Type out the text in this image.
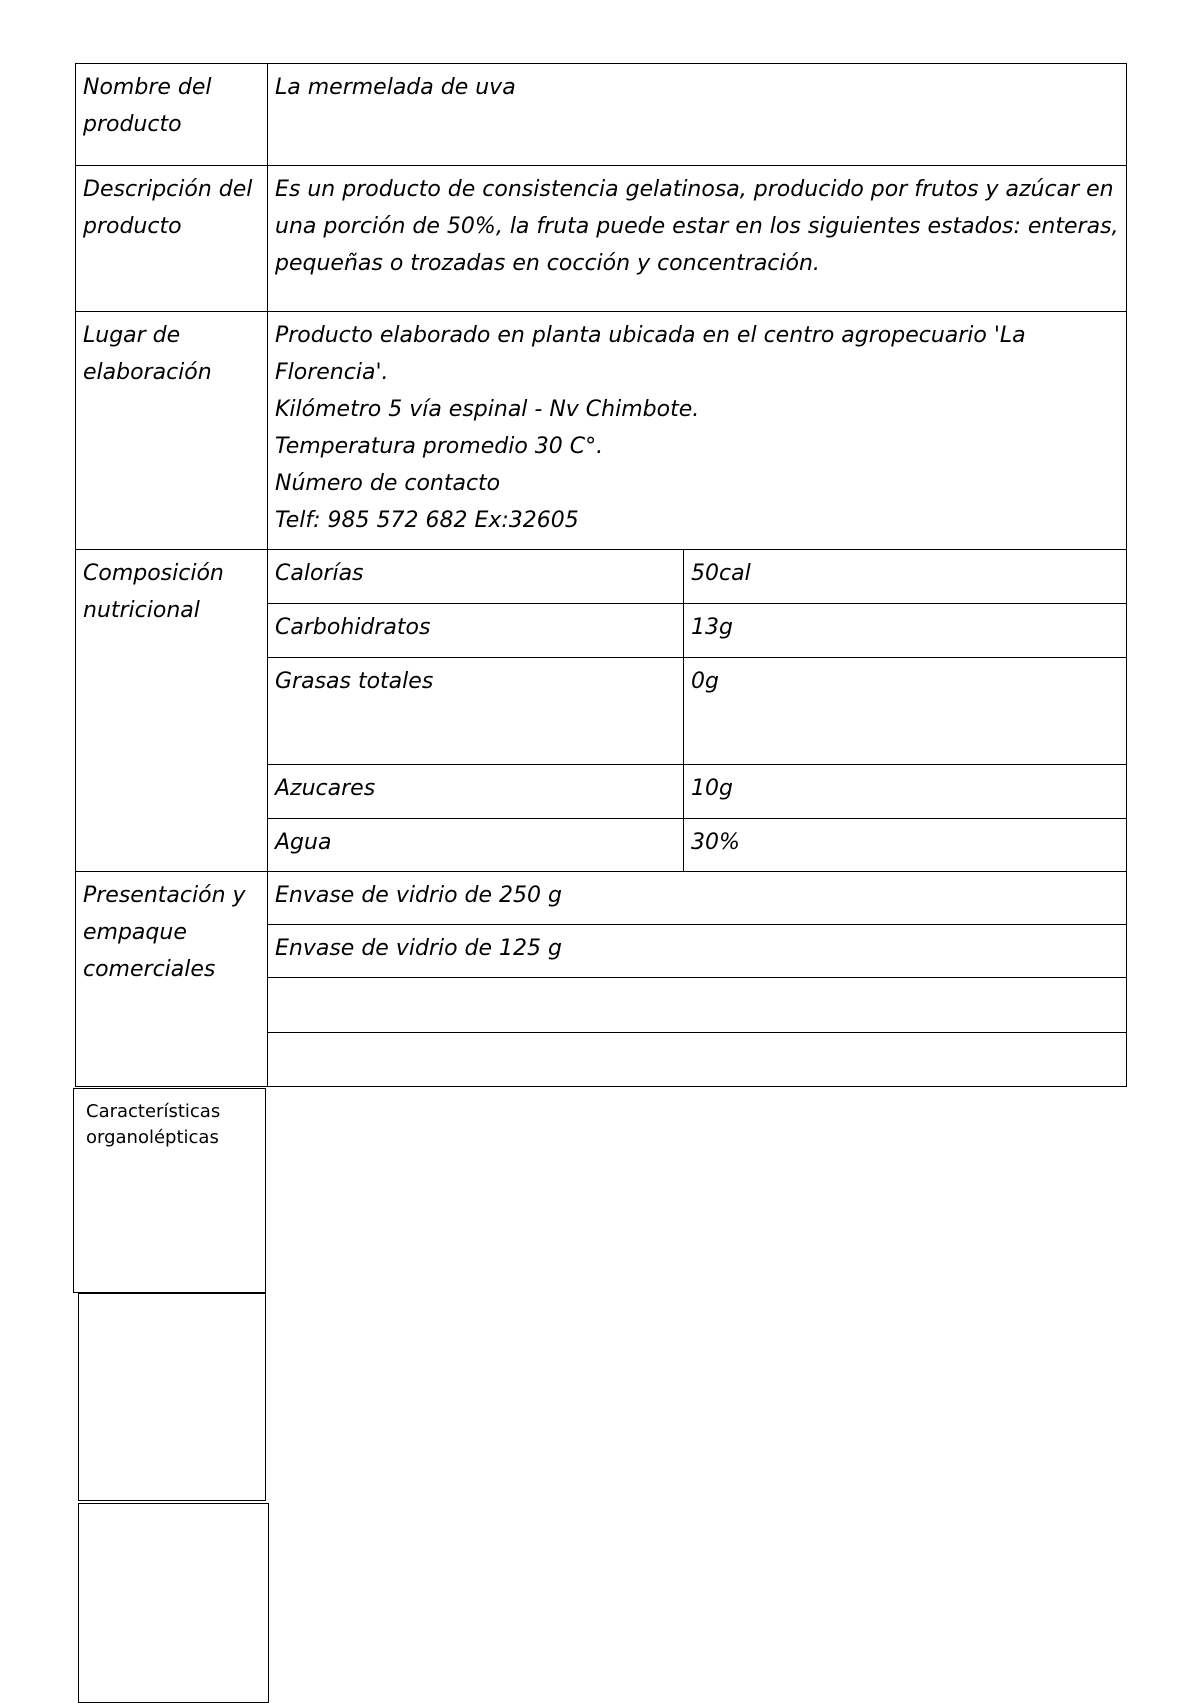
Nombre del producto	La mermelada de uva	
Descripción del producto	Es un producto de consistencia gelatinosa, producido por frutos y azúcar en una porción de 50%, la fruta puede estar en los siguientes estados: enteras, pequeñas o trozadas en cocción y concentración.	
Lugar de elaboración	Producto elaborado en planta ubicada en el centro agropecuario 'La Florencia'.
Kilómetro 5 vía espinal - Nv Chimbote.
Temperatura promedio 30 C°.
Número de contacto
Telf: 985 572 682 Ex:32605	

Composición nutricional	Calorías	50cal
	Carbohidratos	13g
	Grasas totales	0g
	Azucares	10g
	Agua	30%
Presentación y empaque comerciales	Envase de vidrio de 250 g	
	Envase de vidrio de 125 g	

Características organolépticas
